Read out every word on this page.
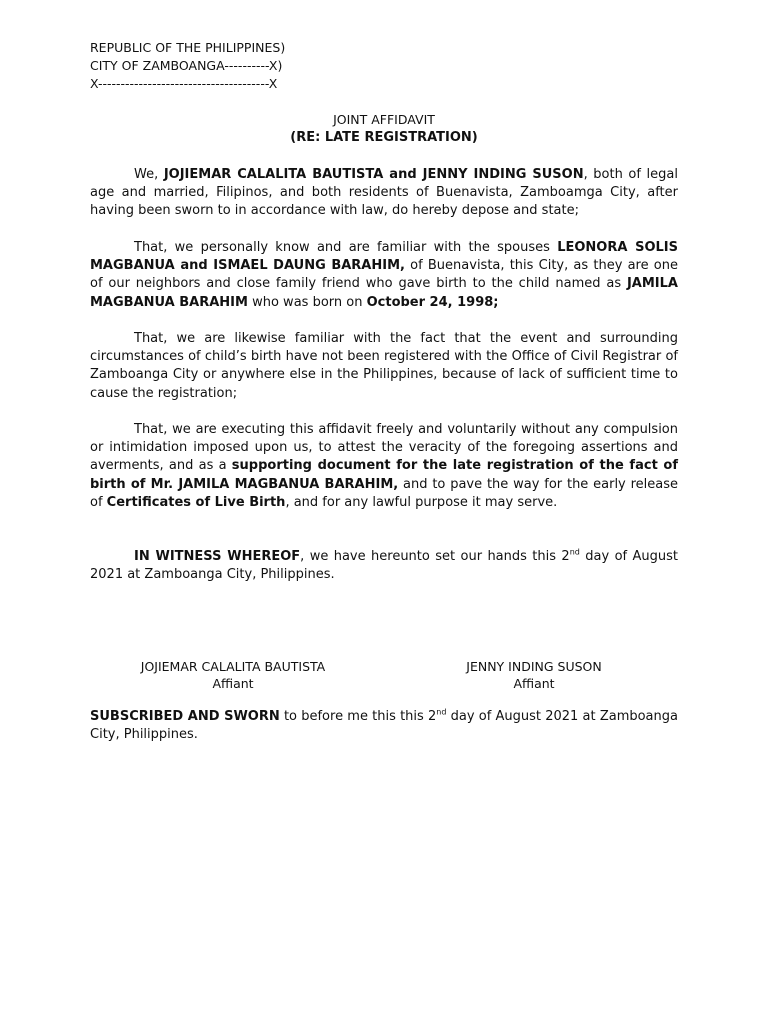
REPUBLIC OF THE PHILIPPINES)
CITY OF ZAMBOANGA----------X)
X--------------------------------------X
JOINT AFFIDAVIT
(RE: LATE REGISTRATION)
We, JOJIEMAR CALALITA BAUTISTA and JENNY INDING SUSON, both of legal age and married, Filipinos, and both residents of Buenavista, Zamboamga City, after having been sworn to in accordance with law, do hereby depose and state;
That, we personally know and are familiar with the spouses LEONORA SOLIS MAGBANUA and ISMAEL DAUNG BARAHIM, of Buenavista, this City, as they are one of our neighbors and close family friend who gave birth to the child named as JAMILA MAGBANUA BARAHIM who was born on October 24, 1998;
That, we are likewise familiar with the fact that the event and surrounding circumstances of child’s birth have not been registered with the Office of Civil Registrar of Zamboanga City or anywhere else in the Philippines, because of lack of sufficient time to cause the registration;
That, we are executing this affidavit freely and voluntarily without any compulsion or intimidation imposed upon us, to attest the veracity of the foregoing assertions and averments, and as a supporting document for the late registration of the fact of birth of Mr. JAMILA MAGBANUA BARAHIM, and to pave the way for the early release of Certificates of Live Birth, and for any lawful purpose it may serve.
IN WITNESS WHEREOF, we have hereunto set our hands this 2nd day of August 2021 at Zamboanga City, Philippines.
JOJIEMAR CALALITA BAUTISTA
Affiant
JENNY INDING SUSON
Affiant
SUBSCRIBED AND SWORN to before me this this 2nd day of August 2021 at Zamboanga City, Philippines.
